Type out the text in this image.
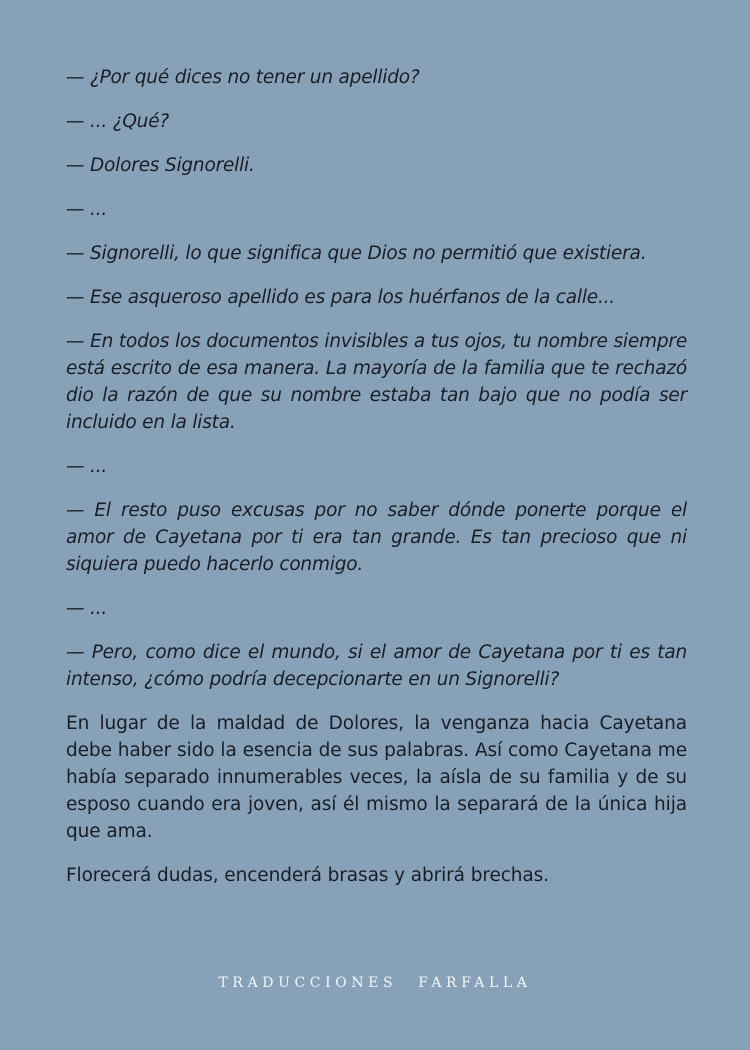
— ¿Por qué dices no tener un apellido?

— ... ¿Qué?

— Dolores Signorelli.

— ...

— Signorelli, lo que significa que Dios no permitió que existiera.

— Ese asqueroso apellido es para los huérfanos de la calle...

— En todos los documentos invisibles a tus ojos, tu nombre siempre está escrito de esa manera. La mayoría de la familia que te rechazó dio la razón de que su nombre estaba tan bajo que no podía ser incluido en la lista.

— ...

— El resto puso excusas por no saber dónde ponerte porque el amor de Cayetana por ti era tan grande. Es tan precioso que ni siquiera puedo hacerlo conmigo.

— ...

— Pero, como dice el mundo, si el amor de Cayetana por ti es tan intenso, ¿cómo podría decepcionarte en un Signorelli?

En lugar de la maldad de Dolores, la venganza hacia Cayetana debe haber sido la esencia de sus palabras. Así como Cayetana me había separado innumerables veces, la aísla de su familia y de su esposo cuando era joven, así él mismo la separará de la única hija que ama.

Florecerá dudas, encenderá brasas y abrirá brechas.

TRADUCCIONES FARFALLA
